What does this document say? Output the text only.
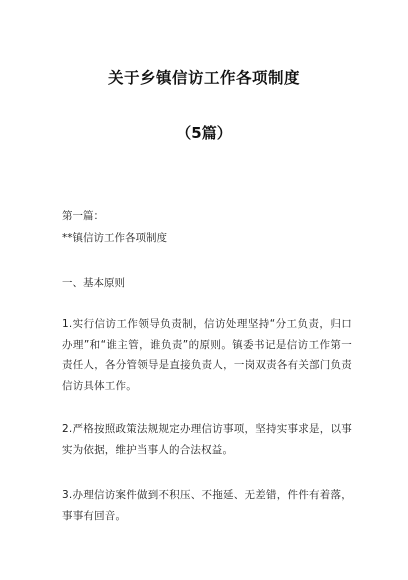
关于乡镇信访工作各项制度
（5篇）
第一篇：
**镇信访工作各项制度
一、基本原则
1.实行信访工作领导负责制，信访处理坚持“分工负责，归口办理”和“谁主管，谁负责”的原则。镇委书记是信访工作第一责任人，各分管领导是直接负责人，一岗双责各有关部门负责信访具体工作。
2.严格按照政策法规规定办理信访事项，坚持实事求是，以事实为依据，维护当事人的合法权益。
3.办理信访案件做到不积压、不拖延、无差错，件件有着落，事事有回音。
